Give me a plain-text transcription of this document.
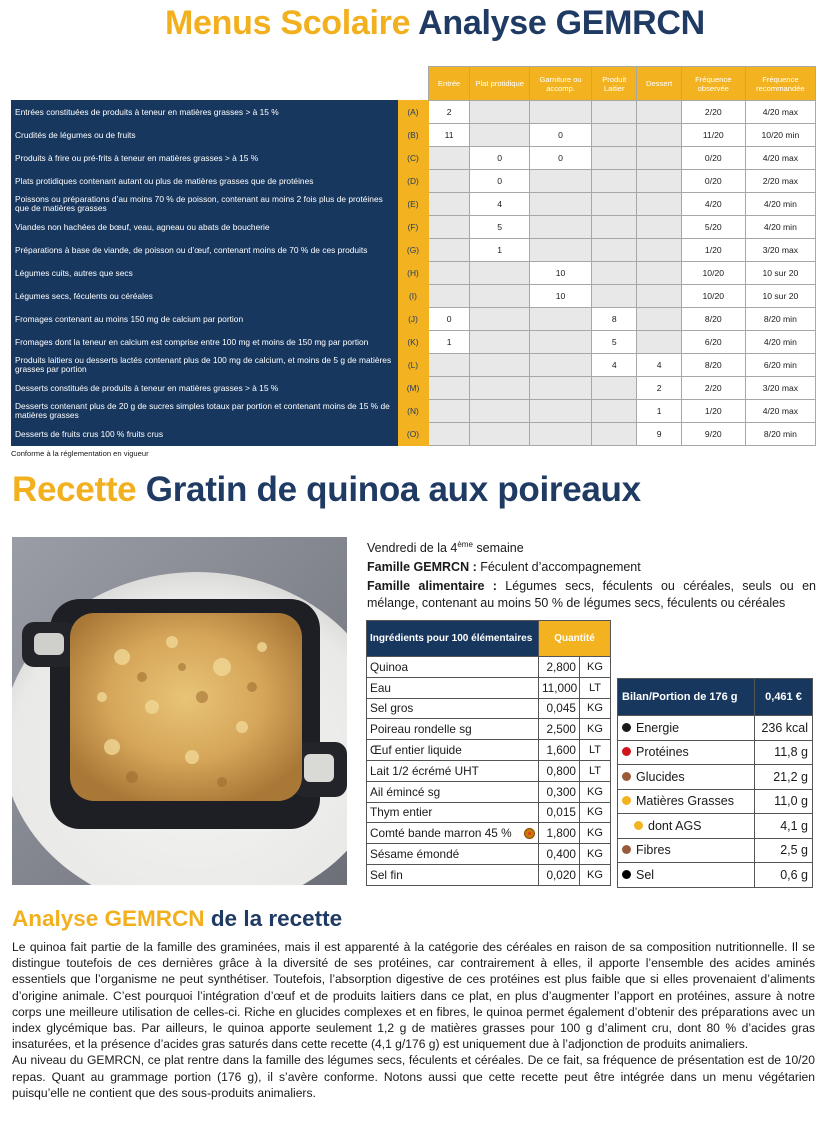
Menus Scolaire Analyse GEMRCN
		Entrée	Plat protidique	Garniture ou accomp.	Produit Laitier	Dessert	Fréquence observée	Fréquence recommandée
Entrées constituées de produits à teneur en matières grasses > à 15 %	(A)	2					2/20	4/20 max
Crudités de légumes ou de fruits	(B)	11		0			11/20	10/20 min
Produits à frire ou pré-frits à teneur en matières grasses > à 15 %	(C)		0	0			0/20	4/20 max
Plats protidiques contenant autant ou plus de matières grasses que de protéines	(D)		0				0/20	2/20 max
Poissons ou préparations d’au moins 70 % de poisson, contenant au moins 2 fois plus de protéines que de matières grasses	(E)		4				4/20	4/20 min
Viandes non hachées de bœuf, veau, agneau ou abats de boucherie	(F)		5				5/20	4/20 min
Préparations à base de viande, de poisson ou d’œuf, contenant moins de 70 % de ces produits	(G)		1				1/20	3/20 max
Légumes cuits, autres que secs	(H)			10			10/20	10 sur 20
Légumes secs, féculents ou céréales	(I)			10			10/20	10 sur 20
Fromages contenant au moins 150 mg de calcium par portion	(J)	0			8		8/20	8/20 min
Fromages dont la teneur en calcium est comprise entre 100 mg et moins de 150 mg par portion	(K)	1			5		6/20	4/20 min
Produits laitiers ou desserts lactés contenant plus de 100 mg de calcium, et moins de 5 g de matières grasses par portion	(L)				4	4	8/20	6/20 min
Desserts constitués de produits à teneur en matières grasses > à 15 %	(M)					2	2/20	3/20 max
Desserts contenant plus de 20 g de sucres simples totaux par portion et contenant moins de 15 % de matières grasses	(N)					1	1/20	4/20 max
Desserts de fruits crus 100 % fruits crus	(O)					9	9/20	8/20 min
Conforme à la réglementation en vigueur
Recette Gratin de quinoa aux poireaux

Vendredi de la 4ème semaine

Famille GEMRCN : Féculent d’accompagnement

Famille alimentaire : Légumes secs, féculents ou céréales, seuls ou en mélange, contenant au moins 50 % de légumes secs, féculents ou céréales

Ingrédients pour 100 élémentaires	Quantité	
Quinoa	2,800	KG
Eau	11,000	LT
Sel gros	0,045	KG
Poireau rondelle sg	2,500	KG
Œuf entier liquide	1,600	LT
Lait 1/2 écrémé UHT	0,800	LT
Ail émincé sg	0,300	KG
Thym entier	0,015	KG
Comté bande marron 45 %	1,800	KG
Sésame émondé	0,400	KG
Sel fin	0,020	KG
Bilan/Portion de 176 g	0,461 €
Energie	236 kcal
Protéines	11,8 g
Glucides	21,2 g
Matières Grasses	11,0 g
dont AGS	4,1 g
Fibres	2,5 g
Sel	0,6 g
Analyse GEMRCN de la recette

Le quinoa fait partie de la famille des graminées, mais il est apparenté à la catégorie des céréales en raison de sa composition nutritionnelle. Il se distingue toutefois de ces dernières grâce à la diversité de ses protéines, car contrairement à elles, il apporte l’ensemble des acides aminés essentiels que l’organisme ne peut synthétiser. Toutefois, l’absorption digestive de ces protéines est plus faible que si elles provenaient d’aliments d’origine animale. C’est pourquoi l’intégration d’œuf et de produits laitiers dans ce plat, en plus d’augmenter l’apport en protéines, assure à notre corps une meilleure utilisation de celles-ci. Riche en glucides complexes et en fibres, le quinoa permet également d’obtenir des préparations avec un index glycémique bas. Par ailleurs, le quinoa apporte seulement 1,2 g de matières grasses pour 100 g d’aliment cru, dont 80 % d’acides gras insaturées, et la présence d’acides gras saturés dans cette recette (4,1 g/176 g) est uniquement due à l’adjonction de produits animaliers.

Au niveau du GEMRCN, ce plat rentre dans la famille des légumes secs, féculents et céréales. De ce fait, sa fréquence de présentation est de 10/20 repas. Quant au grammage portion (176 g), il s’avère conforme. Notons aussi que cette recette peut être intégrée dans un menu végétarien puisqu’elle ne contient que des sous-produits animaliers.
